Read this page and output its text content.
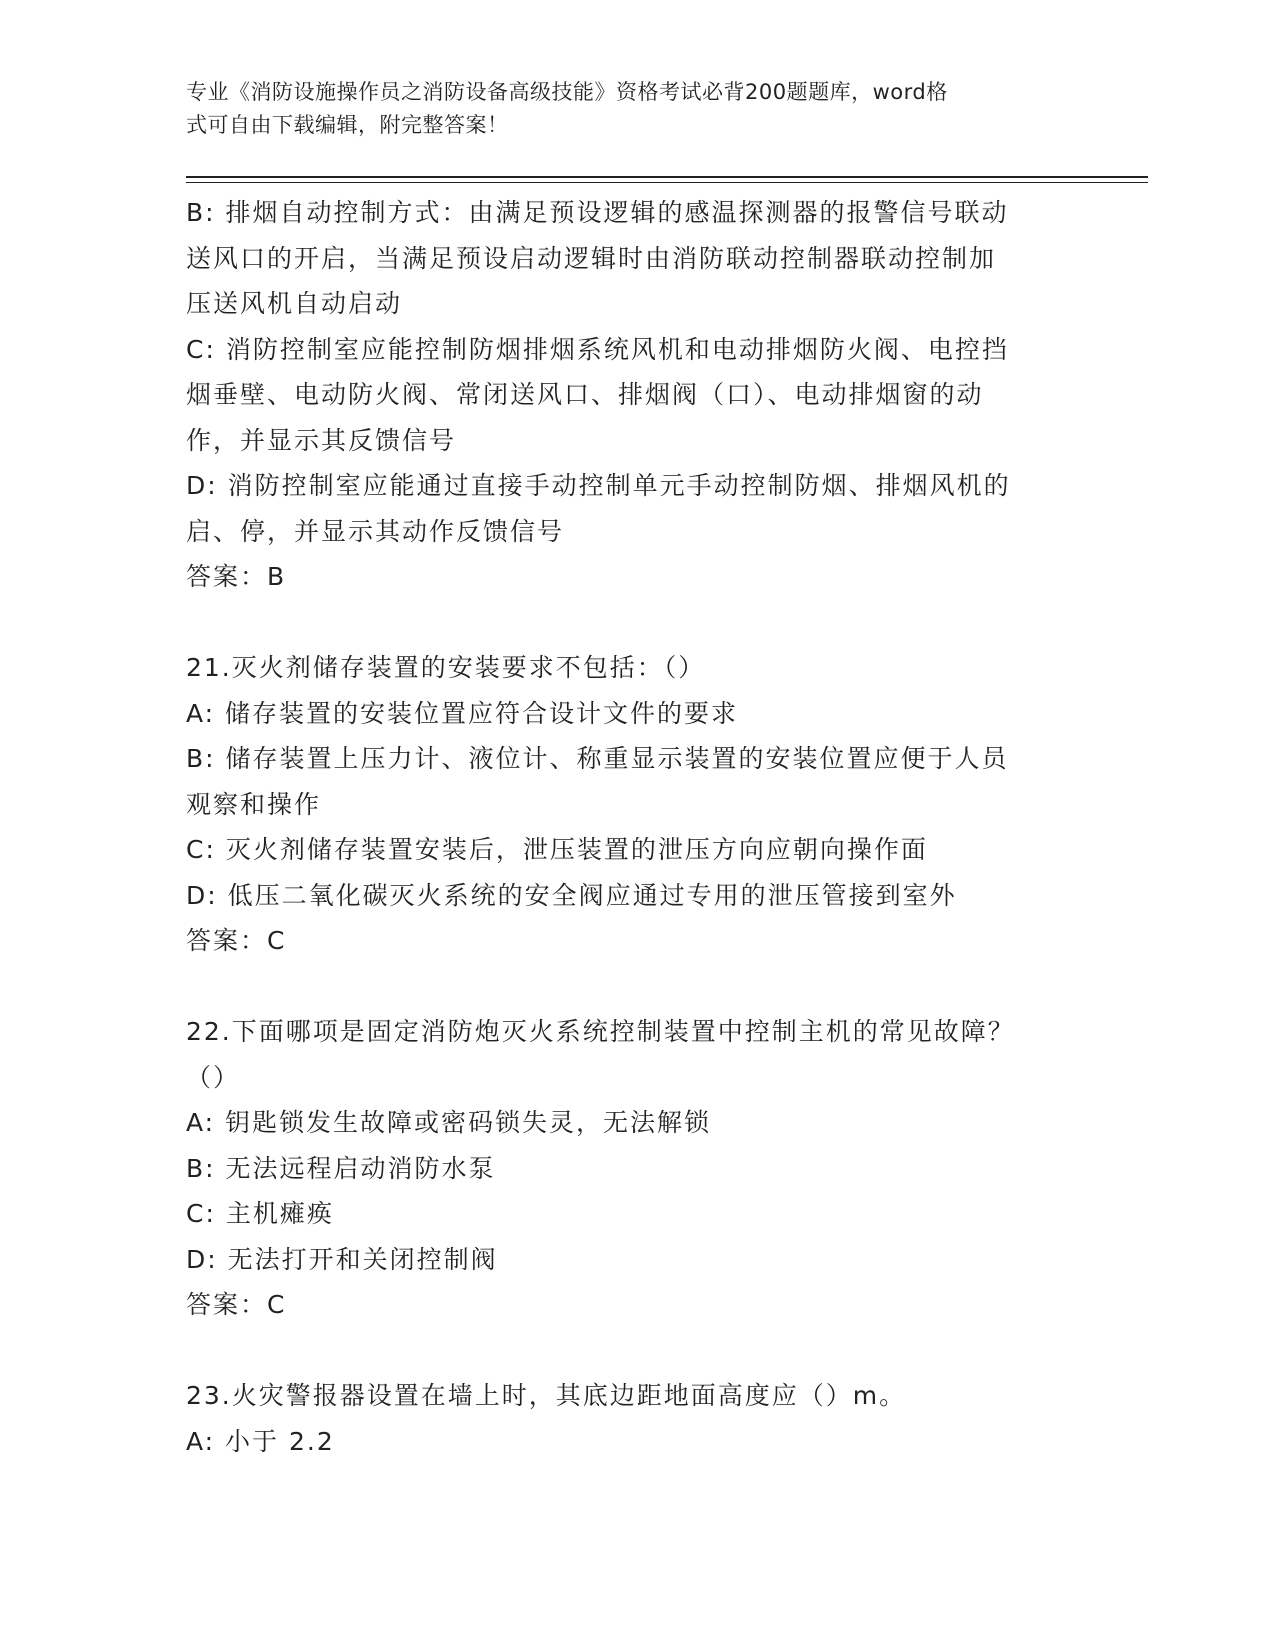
专业《消防设施操作员之消防设备高级技能》资格考试必背200题题库，word格
式可自由下载编辑，附完整答案！

B: 排烟自动控制方式：由满足预设逻辑的感温探测器的报警信号联动

送风口的开启，当满足预设启动逻辑时由消防联动控制器联动控制加

压送风机自动启动

C: 消防控制室应能控制防烟排烟系统风机和电动排烟防火阀、电控挡

烟垂壁、电动防火阀、常闭送风口、排烟阀（口）、电动排烟窗的动

作，并显示其反馈信号

D: 消防控制室应能通过直接手动控制单元手动控制防烟、排烟风机的

启、停，并显示其动作反馈信号

答案：B

21.灭火剂储存装置的安装要求不包括：（）

A: 储存装置的安装位置应符合设计文件的要求

B: 储存装置上压力计、液位计、称重显示装置的安装位置应便于人员

观察和操作

C: 灭火剂储存装置安装后，泄压装置的泄压方向应朝向操作面

D: 低压二氧化碳灭火系统的安全阀应通过专用的泄压管接到室外

答案：C

22.下面哪项是固定消防炮灭火系统控制装置中控制主机的常见故障？

（）

A: 钥匙锁发生故障或密码锁失灵，无法解锁

B: 无法远程启动消防水泵

C: 主机瘫痪

D: 无法打开和关闭控制阀

答案：C

23.火灾警报器设置在墙上时，其底边距地面高度应（）m。

A: 小于 2.2
